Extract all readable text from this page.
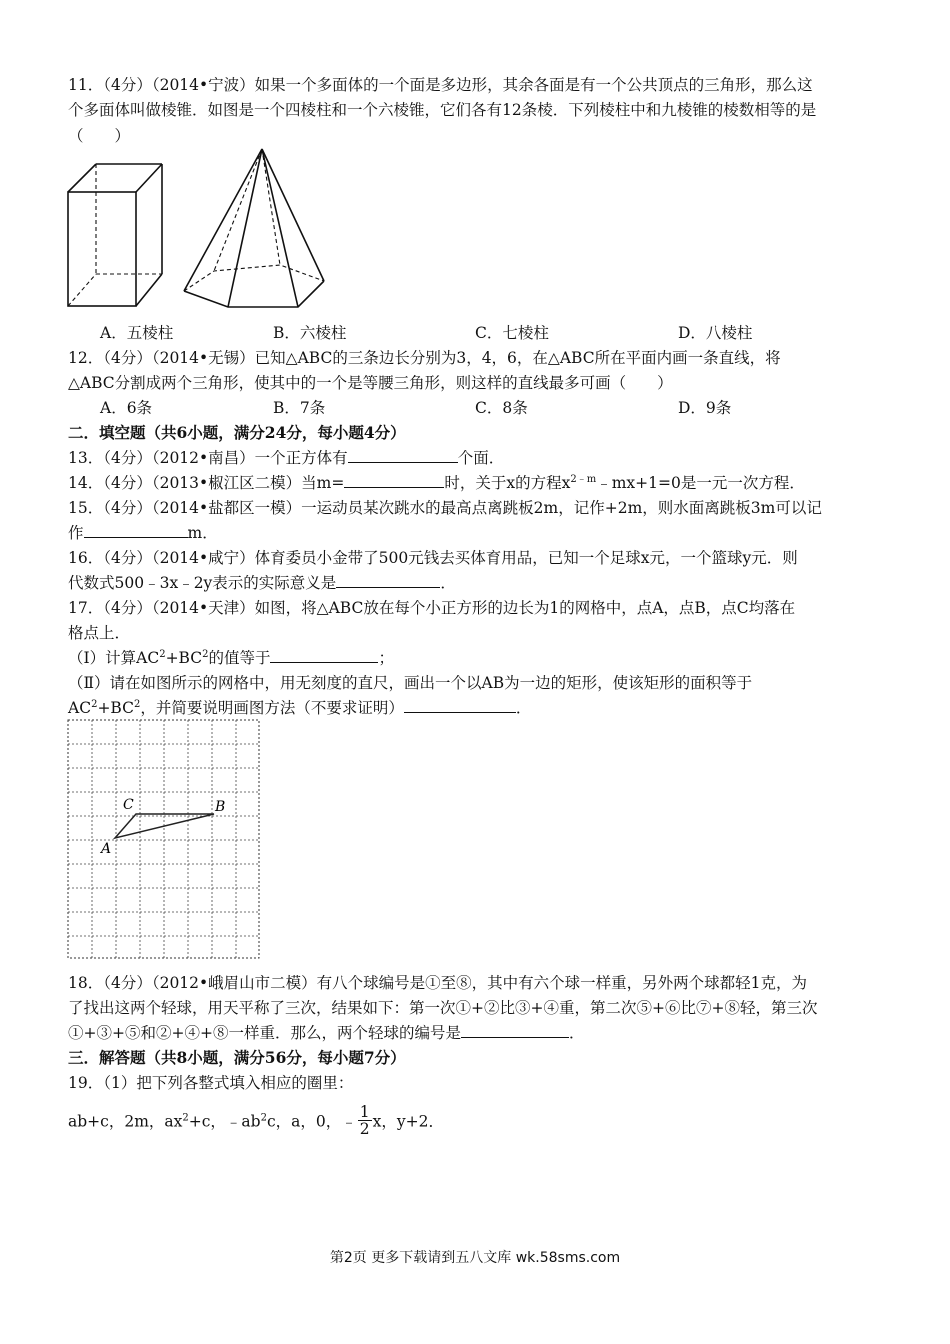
11．（4分）（2014•宁波）如果一个多面体的一个面是多边形，其余各面是有一个公共顶点的三角形，那么这
个多面体叫做棱锥．如图是一个四棱柱和一个六棱锥，它们各有12条棱．下列棱柱中和九棱锥的棱数相等的是
（　　）
A．五棱柱	B．六棱柱	C．七棱柱	D．八棱柱
12．（4分）（2014•无锡）已知△ABC的三条边长分别为3，4，6，在△ABC所在平面内画一条直线，将
△ABC分割成两个三角形，使其中的一个是等腰三角形，则这样的直线最多可画（　　）
A．6条	B．7条	C．8条	D．9条
二．填空题（共6小题，满分24分，每小题4分）
13．（4分）（2012•南昌）一个正方体有	个面．
14．（4分）（2013•椒江区二模）当m=	时，关于x的方程$x^{2﹣m}﹣mx+1=0$是一元一次方程．
15．（4分）（2014•盐都区一模）一运动员某次跳水的最高点离跳板2m，记作+2m，则水面离跳板3m可以记
作	m．
16．（4分）（2014•咸宁）体育委员小金带了500元钱去买体育用品，已知一个足球x元，一个篮球y元．则
代数式500﹣3x﹣2y表示的实际意义是	．
17．（4分）（2014•天津）如图，将△ABC放在每个小正方形的边长为1的网格中，点A，点B，点C均落在
格点上．
（Ⅰ）计算$AC^2+BC^2$的值等于	；
（Ⅱ）请在如图所示的网格中，用无刻度的直尺，画出一个以AB为一边的矩形，使该矩形的面积等于
$AC^2+BC^2$，并简要说明画图方法（不要求证明）	．
A
C	B
18．（4分）（2012•峨眉山市二模）有八个球编号是①至⑧，其中有六个球一样重，另外两个球都轻1克，为
了找出这两个轻球，用天平称了三次，结果如下：第一次①+②比③+④重，第二次⑤+⑥比⑦+⑧轻，第三次
①+③+⑤和②+④+⑧一样重．那么，两个轻球的编号是	．
三．解答题（共8小题，满分56分，每小题7分）
19．（1）把下列各整式填入相应的圈里：
ab+c，2m，$ax^2+c$，$﹣ab^2c$，a，0，﹣ $\frac{1}{2}$ x，y+2．
第2页 更多下载请到五八文库 wk.58sms.com
